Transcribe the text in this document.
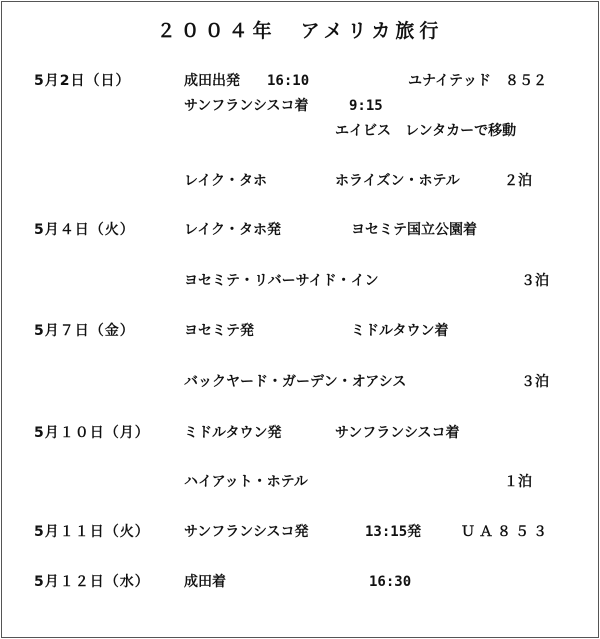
２００４年　アメリカ旅行
5月2日（日）	成田出発 16:10	ユナイテッド　８５２
サンフランシスコ着	9:15
エイビス　レンタカーで移動
レイク・タホ	ホライズン・ホテル	２泊
5月４日（火）	レイク・タホ発	ヨセミテ国立公園着
ヨセミテ・リバーサイド・イン	３泊
5月７日（金）	ヨセミテ発	ミドルタウン着
バックヤード・ガーデン・オアシス	３泊
5月１０日（月） ミドルタウン発	サンフランシスコ着
ハイアット・ホテル	１泊
5月１１日（火） サンフランシスコ発	13:15発	ＵＡ８５３
5月１２日（水） 成田着	16:30
